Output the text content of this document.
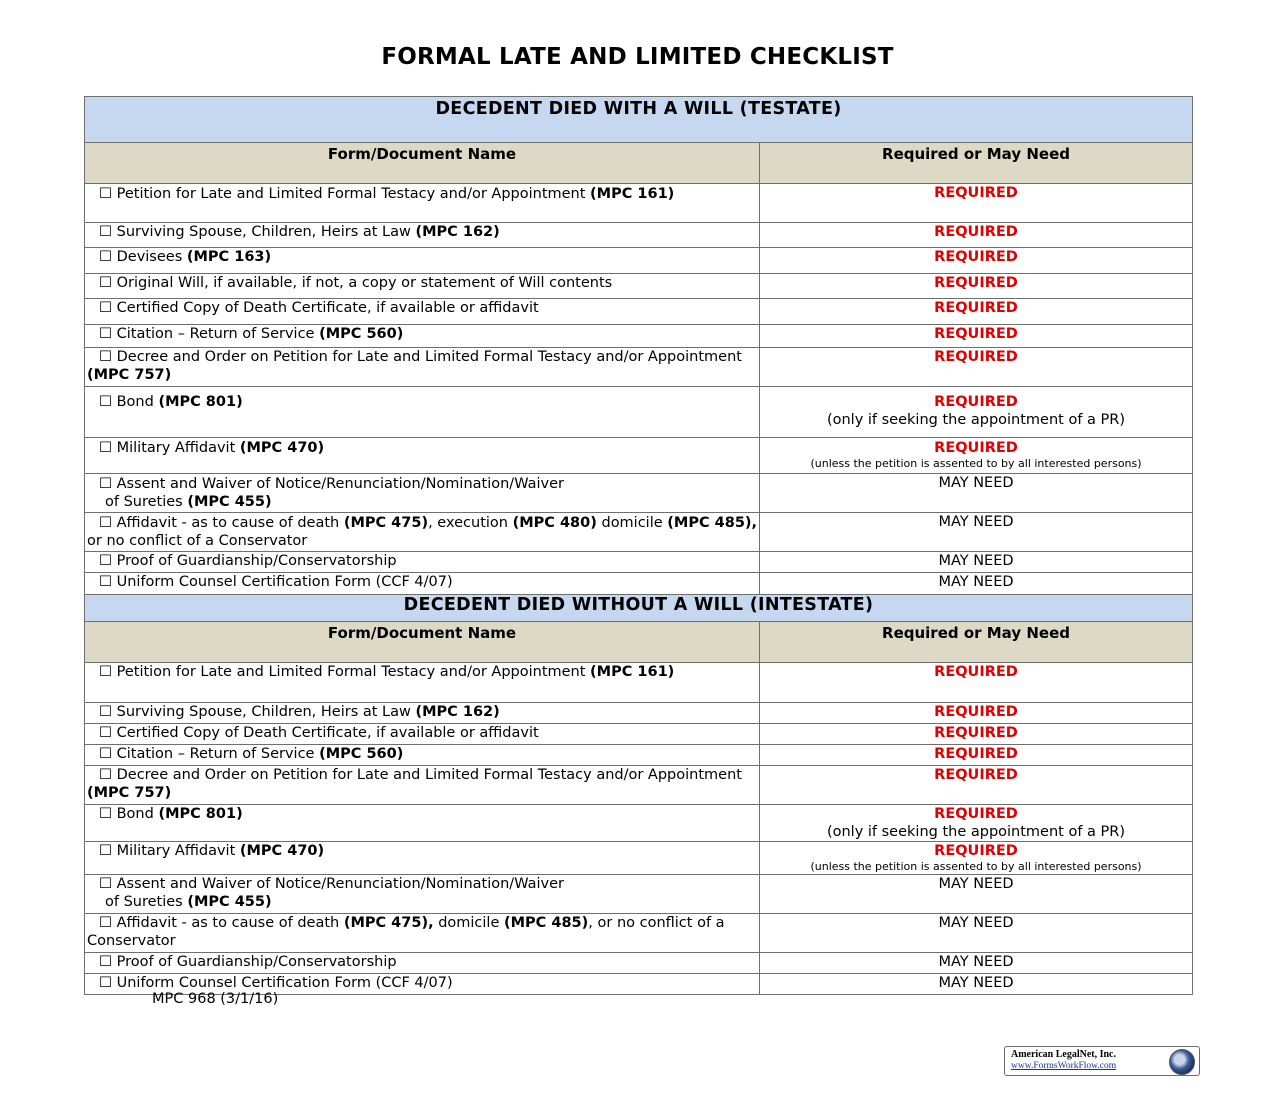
FORMAL LATE AND LIMITED CHECKLIST
DECEDENT DIED WITH A WILL (TESTATE)	
Form/Document Name	Required or May Need
☐ Petition for Late and Limited Formal Testacy and/or Appointment (MPC 161)	REQUIRED
☐ Surviving Spouse, Children, Heirs at Law (MPC 162)	REQUIRED
☐ Devisees (MPC 163)	REQUIRED
☐ Original Will, if available, if not, a copy or statement of Will contents	REQUIRED
☐ Certified Copy of Death Certificate, if available or affidavit	REQUIRED
☐ Citation – Return of Service (MPC 560)	REQUIRED
☐ Decree and Order on Petition for Late and Limited Formal Testacy and/or Appointment (MPC 757)	REQUIRED
☐ Bond (MPC 801)	REQUIRED
(only if seeking the appointment of a PR)

☐ Military Affidavit (MPC 470)	REQUIRED
(unless the petition is assented to by all interested persons)

☐ Assent and Waiver of Notice/Renunciation/Nomination/Waiver
of Sureties (MPC 455)	MAY NEED
☐ Affidavit - as to cause of death (MPC 475), execution (MPC 480) domicile (MPC 485), or no conflict of a Conservator	MAY NEED
☐ Proof of Guardianship/Conservatorship	MAY NEED
☐ Uniform Counsel Certification Form (CCF 4/07)	MAY NEED
DECEDENT DIED WITHOUT A WILL (INTESTATE)	
Form/Document Name	Required or May Need
☐ Petition for Late and Limited Formal Testacy and/or Appointment (MPC 161)	REQUIRED
☐ Surviving Spouse, Children, Heirs at Law (MPC 162)	REQUIRED
☐ Certified Copy of Death Certificate, if available or affidavit	REQUIRED
☐ Citation – Return of Service (MPC 560)	REQUIRED
☐ Decree and Order on Petition for Late and Limited Formal Testacy and/or Appointment (MPC 757)	REQUIRED
☐ Bond (MPC 801)	REQUIRED
(only if seeking the appointment of a PR)

☐ Military Affidavit (MPC 470)	REQUIRED
(unless the petition is assented to by all interested persons)

☐ Assent and Waiver of Notice/Renunciation/Nomination/Waiver
of Sureties (MPC 455)	MAY NEED
☐ Affidavit - as to cause of death (MPC 475), domicile (MPC 485), or no conflict of a Conservator	MAY NEED
☐ Proof of Guardianship/Conservatorship	MAY NEED
☐ Uniform Counsel Certification Form (CCF 4/07)	MAY NEED
MPC 968 (3/1/16)
American LegalNet, Inc.
www.FormsWorkFlow.com
